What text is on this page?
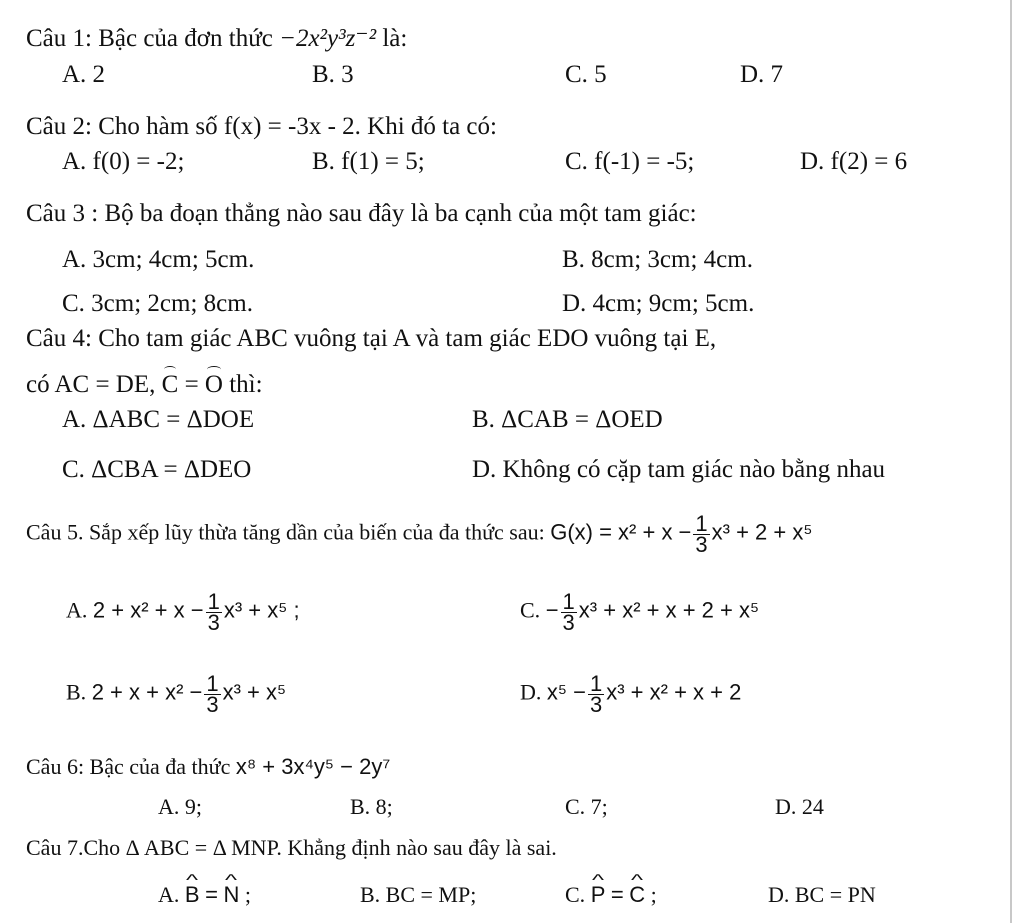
Câu 1: Bậc của đơn thức −2x²y³z⁻² là:
A. 2	B. 3	C. 5	D. 7
Câu 2: Cho hàm số f(x) = -3x - 2. Khi đó ta có:
A. f(0) = -2;	B. f(1) = 5;	C. f(-1) = -5;	D. f(2) = 6
Câu 3 : Bộ ba đoạn thẳng nào sau đây là ba cạnh của một tam giác:
A. 3cm; 4cm; 5cm.	B. 8cm; 3cm; 4cm.
C. 3cm; 2cm; 8cm.	D. 4cm; 9cm; 5cm.
Câu 4: Cho tam giác ABC vuông tại A và tam giác EDO vuông tại E,
có AC = DE, C = O thì:
A. ΔABC = ΔDOE	B. ΔCAB = ΔOED
C. ΔCBA = ΔDEO	D. Không có cặp tam giác nào bằng nhau
Câu 5. Sắp xếp lũy thừa tăng dần của biến của đa thức sau: $G(x) = x^2 + x - \frac{1}{3} x^3 + 2 + x^5$
A. $2 + x^2 + x - \frac{1}{3} x^3 + x^5$ ;	C. − $\frac{1}{3} x^3 + x^2 + x + 2 + x^5$
B. $2 + x + x^2 - \frac{1}{3} x^3 + x^5$	D. $x^5 - \frac{1}{3} x^3 + x^2 + x + 2$
Câu 6: Bậc của đa thức x⁸ + 3x⁴y⁵ − 2y⁷
A. 9;	B. 8;	C. 7;	D. 24
Câu 7.Cho Δ ABC = Δ MNP. Khẳng định nào sau đây là sai.
A. ^ B = ^ N ;	B. BC = MP;	C. ^ P = ^ C ;	D. BC = PN
